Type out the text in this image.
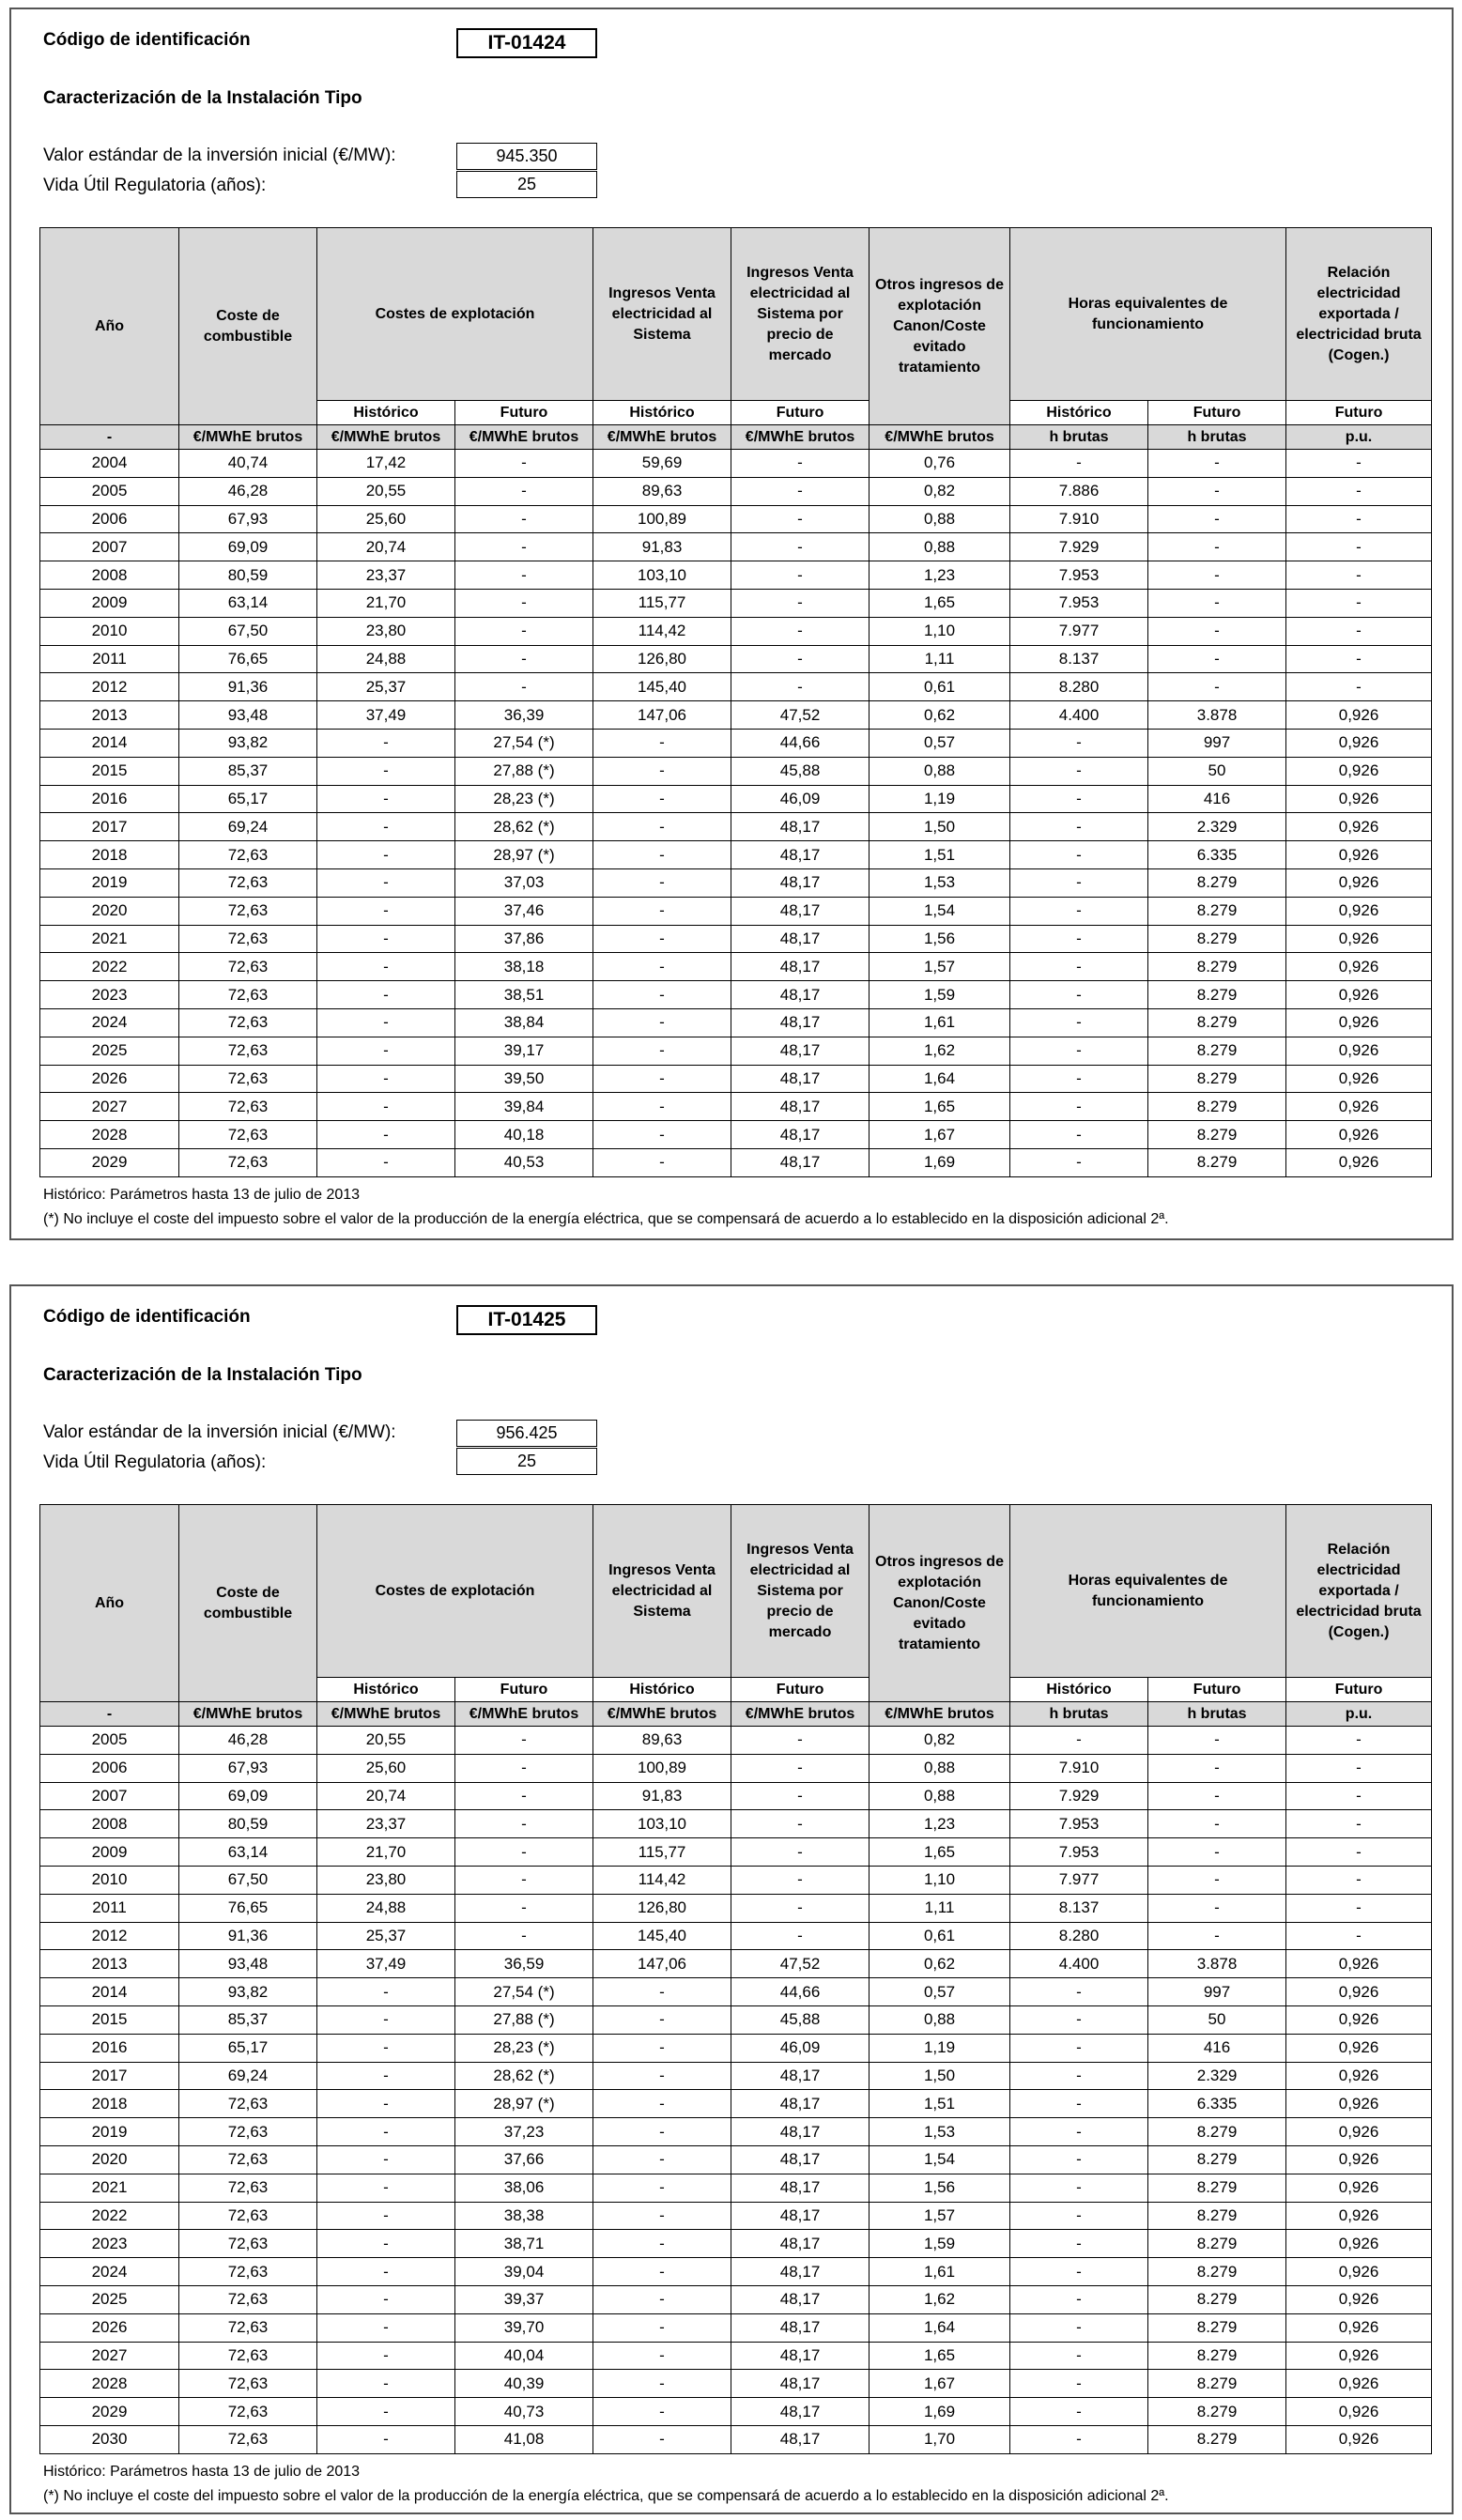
Código de identificación	IT-01424
Caracterización de la Instalación Tipo
Valor estándar de la inversión inicial (€/MW):	945.350
Vida Útil Regulatoria (años):	25
Año	Coste de combustible	Costes de explotación		Ingresos Venta electricidad al Sistema	Ingresos Venta electricidad al Sistema por precio de mercado	Otros ingresos de explotación Canon/Coste evitado tratamiento	Horas equivalentes de funcionamiento		Relación electricidad exportada / electricidad bruta (Cogen.)
		Histórico	Futuro	Histórico	Futuro		Histórico	Futuro	Futuro
-	€/MWhE brutos	€/MWhE brutos	€/MWhE brutos	€/MWhE brutos	€/MWhE brutos	€/MWhE brutos	h brutas	h brutas	p.u.
2004	40,74	17,42	-	59,69	-	0,76	-	-	-
2005	46,28	20,55	-	89,63	-	0,82	7.886	-	-
2006	67,93	25,60	-	100,89	-	0,88	7.910	-	-
2007	69,09	20,74	-	91,83	-	0,88	7.929	-	-
2008	80,59	23,37	-	103,10	-	1,23	7.953	-	-
2009	63,14	21,70	-	115,77	-	1,65	7.953	-	-
2010	67,50	23,80	-	114,42	-	1,10	7.977	-	-
2011	76,65	24,88	-	126,80	-	1,11	8.137	-	-
2012	91,36	25,37	-	145,40	-	0,61	8.280	-	-
2013	93,48	37,49	36,39	147,06	47,52	0,62	4.400	3.878	0,926
2014	93,82	-	27,54 (*)	-	44,66	0,57	-	997	0,926
2015	85,37	-	27,88 (*)	-	45,88	0,88	-	50	0,926
2016	65,17	-	28,23 (*)	-	46,09	1,19	-	416	0,926
2017	69,24	-	28,62 (*)	-	48,17	1,50	-	2.329	0,926
2018	72,63	-	28,97 (*)	-	48,17	1,51	-	6.335	0,926
2019	72,63	-	37,03	-	48,17	1,53	-	8.279	0,926
2020	72,63	-	37,46	-	48,17	1,54	-	8.279	0,926
2021	72,63	-	37,86	-	48,17	1,56	-	8.279	0,926
2022	72,63	-	38,18	-	48,17	1,57	-	8.279	0,926
2023	72,63	-	38,51	-	48,17	1,59	-	8.279	0,926
2024	72,63	-	38,84	-	48,17	1,61	-	8.279	0,926
2025	72,63	-	39,17	-	48,17	1,62	-	8.279	0,926
2026	72,63	-	39,50	-	48,17	1,64	-	8.279	0,926
2027	72,63	-	39,84	-	48,17	1,65	-	8.279	0,926
2028	72,63	-	40,18	-	48,17	1,67	-	8.279	0,926
2029	72,63	-	40,53	-	48,17	1,69	-	8.279	0,926
Histórico: Parámetros hasta 13 de julio de 2013
(*) No incluye el coste del impuesto sobre el valor de la producción de la energía eléctrica, que se compensará de acuerdo a lo establecido en la disposición adicional 2ª.
Código de identificación	IT-01425
Caracterización de la Instalación Tipo
Valor estándar de la inversión inicial (€/MW):	956.425
Vida Útil Regulatoria (años):	25
Año	Coste de combustible	Costes de explotación		Ingresos Venta electricidad al Sistema	Ingresos Venta electricidad al Sistema por precio de mercado	Otros ingresos de explotación Canon/Coste evitado tratamiento	Horas equivalentes de funcionamiento		Relación electricidad exportada / electricidad bruta (Cogen.)
		Histórico	Futuro	Histórico	Futuro		Histórico	Futuro	Futuro
-	€/MWhE brutos	€/MWhE brutos	€/MWhE brutos	€/MWhE brutos	€/MWhE brutos	€/MWhE brutos	h brutas	h brutas	p.u.
2005	46,28	20,55	-	89,63	-	0,82	-	-	-
2006	67,93	25,60	-	100,89	-	0,88	7.910	-	-
2007	69,09	20,74	-	91,83	-	0,88	7.929	-	-
2008	80,59	23,37	-	103,10	-	1,23	7.953	-	-
2009	63,14	21,70	-	115,77	-	1,65	7.953	-	-
2010	67,50	23,80	-	114,42	-	1,10	7.977	-	-
2011	76,65	24,88	-	126,80	-	1,11	8.137	-	-
2012	91,36	25,37	-	145,40	-	0,61	8.280	-	-
2013	93,48	37,49	36,59	147,06	47,52	0,62	4.400	3.878	0,926
2014	93,82	-	27,54 (*)	-	44,66	0,57	-	997	0,926
2015	85,37	-	27,88 (*)	-	45,88	0,88	-	50	0,926
2016	65,17	-	28,23 (*)	-	46,09	1,19	-	416	0,926
2017	69,24	-	28,62 (*)	-	48,17	1,50	-	2.329	0,926
2018	72,63	-	28,97 (*)	-	48,17	1,51	-	6.335	0,926
2019	72,63	-	37,23	-	48,17	1,53	-	8.279	0,926
2020	72,63	-	37,66	-	48,17	1,54	-	8.279	0,926
2021	72,63	-	38,06	-	48,17	1,56	-	8.279	0,926
2022	72,63	-	38,38	-	48,17	1,57	-	8.279	0,926
2023	72,63	-	38,71	-	48,17	1,59	-	8.279	0,926
2024	72,63	-	39,04	-	48,17	1,61	-	8.279	0,926
2025	72,63	-	39,37	-	48,17	1,62	-	8.279	0,926
2026	72,63	-	39,70	-	48,17	1,64	-	8.279	0,926
2027	72,63	-	40,04	-	48,17	1,65	-	8.279	0,926
2028	72,63	-	40,39	-	48,17	1,67	-	8.279	0,926
2029	72,63	-	40,73	-	48,17	1,69	-	8.279	0,926
2030	72,63	-	41,08	-	48,17	1,70	-	8.279	0,926
Histórico: Parámetros hasta 13 de julio de 2013
(*) No incluye el coste del impuesto sobre el valor de la producción de la energía eléctrica, que se compensará de acuerdo a lo establecido en la disposición adicional 2ª.
